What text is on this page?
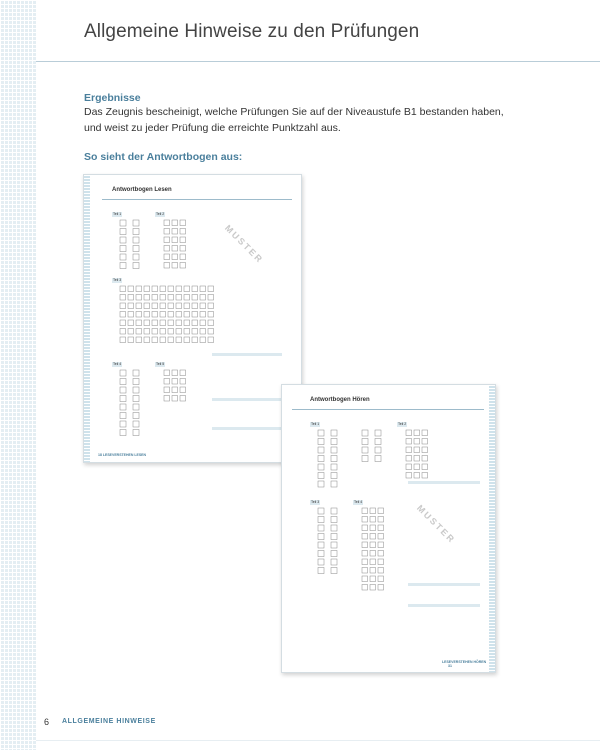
Allgemeine Hinweise zu den Prüfungen
Ergebnisse

Das Zeugnis bescheinigt, welche Prüfungen Sie auf der Niveaustufe B1 bestanden haben,
und weist zu jeder Prüfung die erreichte Punktzahl aus.

So sieht der Antwortbogen aus:
Antwortbogen Lesen
Teil 1	Teil 2
Teil 3
Teil 4	Teil 5
MUSTER
18 LESEVERSTEHEN LESEN
Antwortbogen Hören
Teil 1	Teil 2
Teil 3	Teil 4
MUSTER
LESEVERSTEHEN HÖREN 31
6 ALLGEMEINE HINWEISE
